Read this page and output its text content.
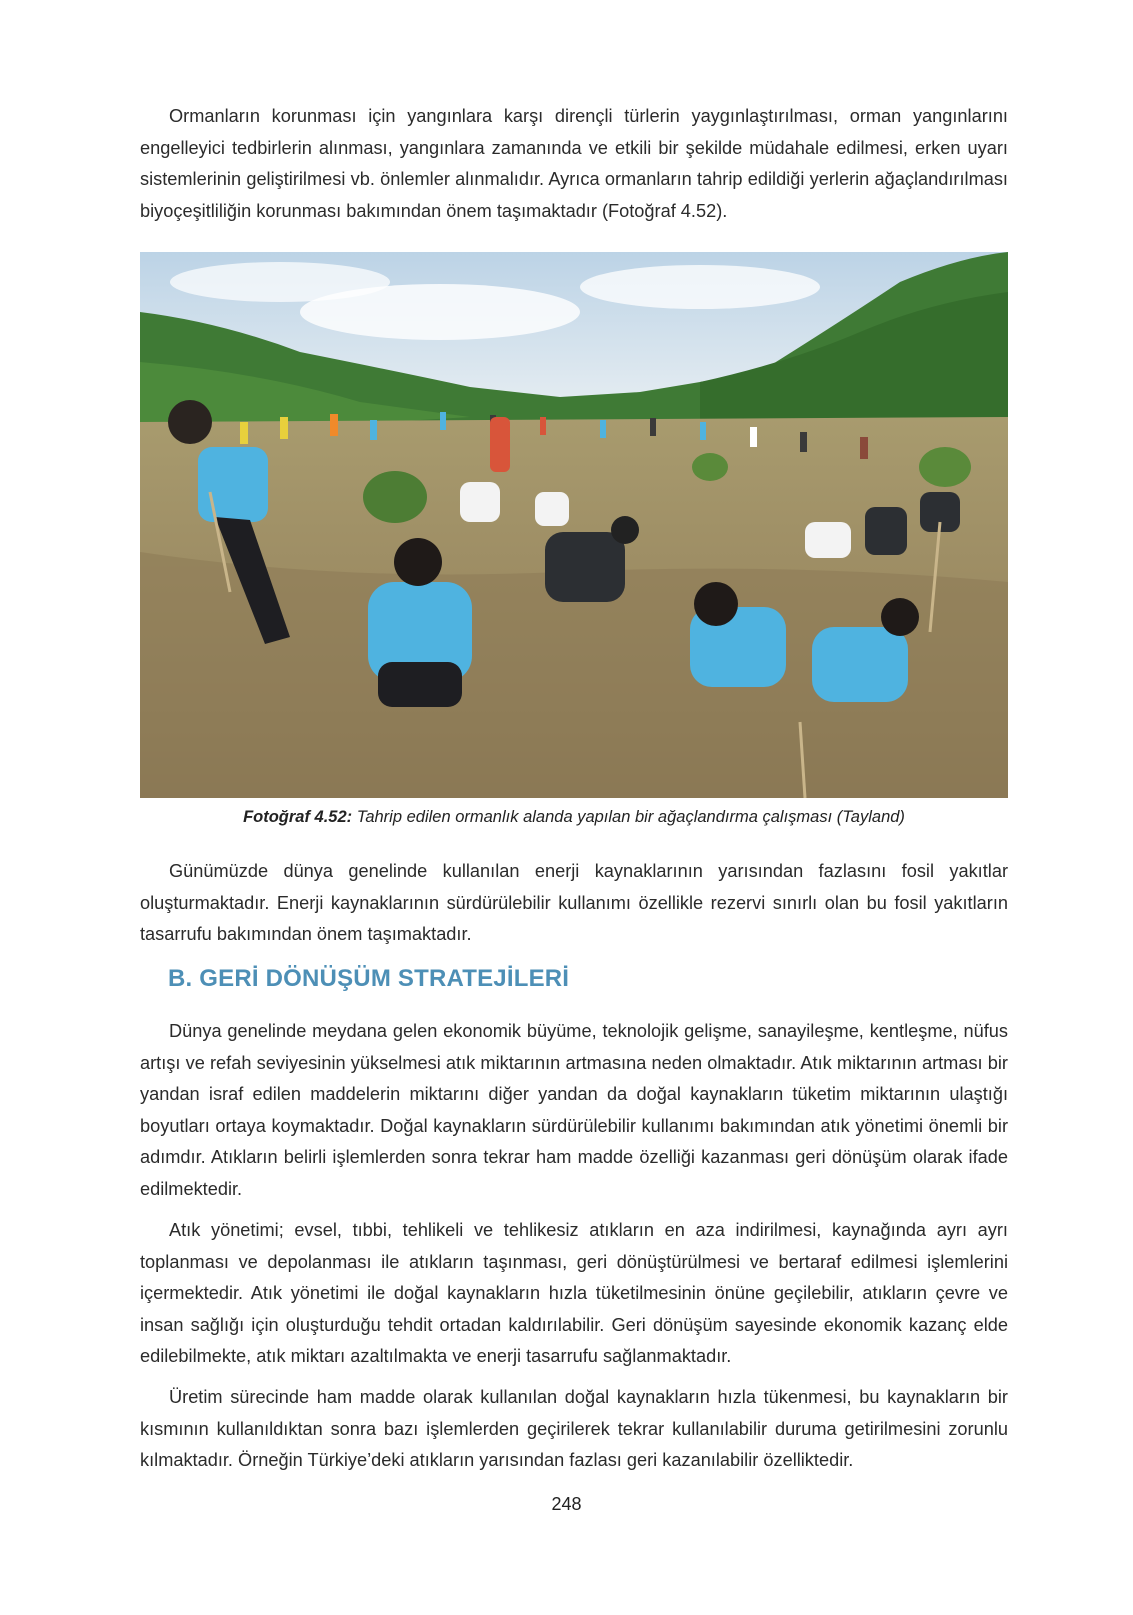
Ormanların korunması için yangınlara karşı dirençli türlerin yaygınlaştırılması, orman yangınlarını engelleyici tedbirlerin alınması, yangınlara zamanında ve etkili bir şekilde müdahale edilmesi, erken uyarı sistemlerinin geliştirilmesi vb. önlemler alınmalıdır. Ayrıca ormanların tahrip edildiği yerlerin ağaçlandırılması biyoçeşitliliğin korunması bakımından önem taşımaktadır (Fotoğraf 4.52).

Fotoğraf 4.52: Tahrip edilen ormanlık alanda yapılan bir ağaçlandırma çalışması (Tayland)

Günümüzde dünya genelinde kullanılan enerji kaynaklarının yarısından fazlasını fosil yakıtlar oluşturmaktadır. Enerji kaynaklarının sürdürülebilir kullanımı özellikle rezervi sınırlı olan bu fosil yakıtların tasarrufu bakımından önem taşımaktadır.

B. GERİ DÖNÜŞÜM STRATEJİLERİ

Dünya genelinde meydana gelen ekonomik büyüme, teknolojik gelişme, sanayileşme, kentleşme, nüfus artışı ve refah seviyesinin yükselmesi atık miktarının artmasına neden olmaktadır. Atık miktarının artması bir yandan israf edilen maddelerin miktarını diğer yandan da doğal kaynakların tüketim miktarının ulaştığı boyutları ortaya koymaktadır. Doğal kaynakların sürdürülebilir kullanımı bakımından atık yönetimi önemli bir adımdır. Atıkların belirli işlemlerden sonra tekrar ham madde özelliği kazanması geri dönüşüm olarak ifade edilmektedir.

Atık yönetimi; evsel, tıbbi, tehlikeli ve tehlikesiz atıkların en aza indirilmesi, kaynağında ayrı ayrı toplanması ve depolanması ile atıkların taşınması, geri dönüştürülmesi ve bertaraf edilmesi işlemlerini içermektedir. Atık yönetimi ile doğal kaynakların hızla tüketilmesinin önüne geçilebilir, atıkların çevre ve insan sağlığı için oluşturduğu tehdit ortadan kaldırılabilir. Geri dönüşüm sayesinde ekonomik kazanç elde edilebilmekte, atık miktarı azaltılmakta ve enerji tasarrufu sağlanmaktadır.

Üretim sürecinde ham madde olarak kullanılan doğal kaynakların hızla tükenmesi, bu kaynakların bir kısmının kullanıldıktan sonra bazı işlemlerden geçirilerek tekrar kullanılabilir duruma getirilmesini zorunlu kılmaktadır. Örneğin Türkiye’deki atıkların yarısından fazlası geri kazanılabilir özelliktedir.

248
